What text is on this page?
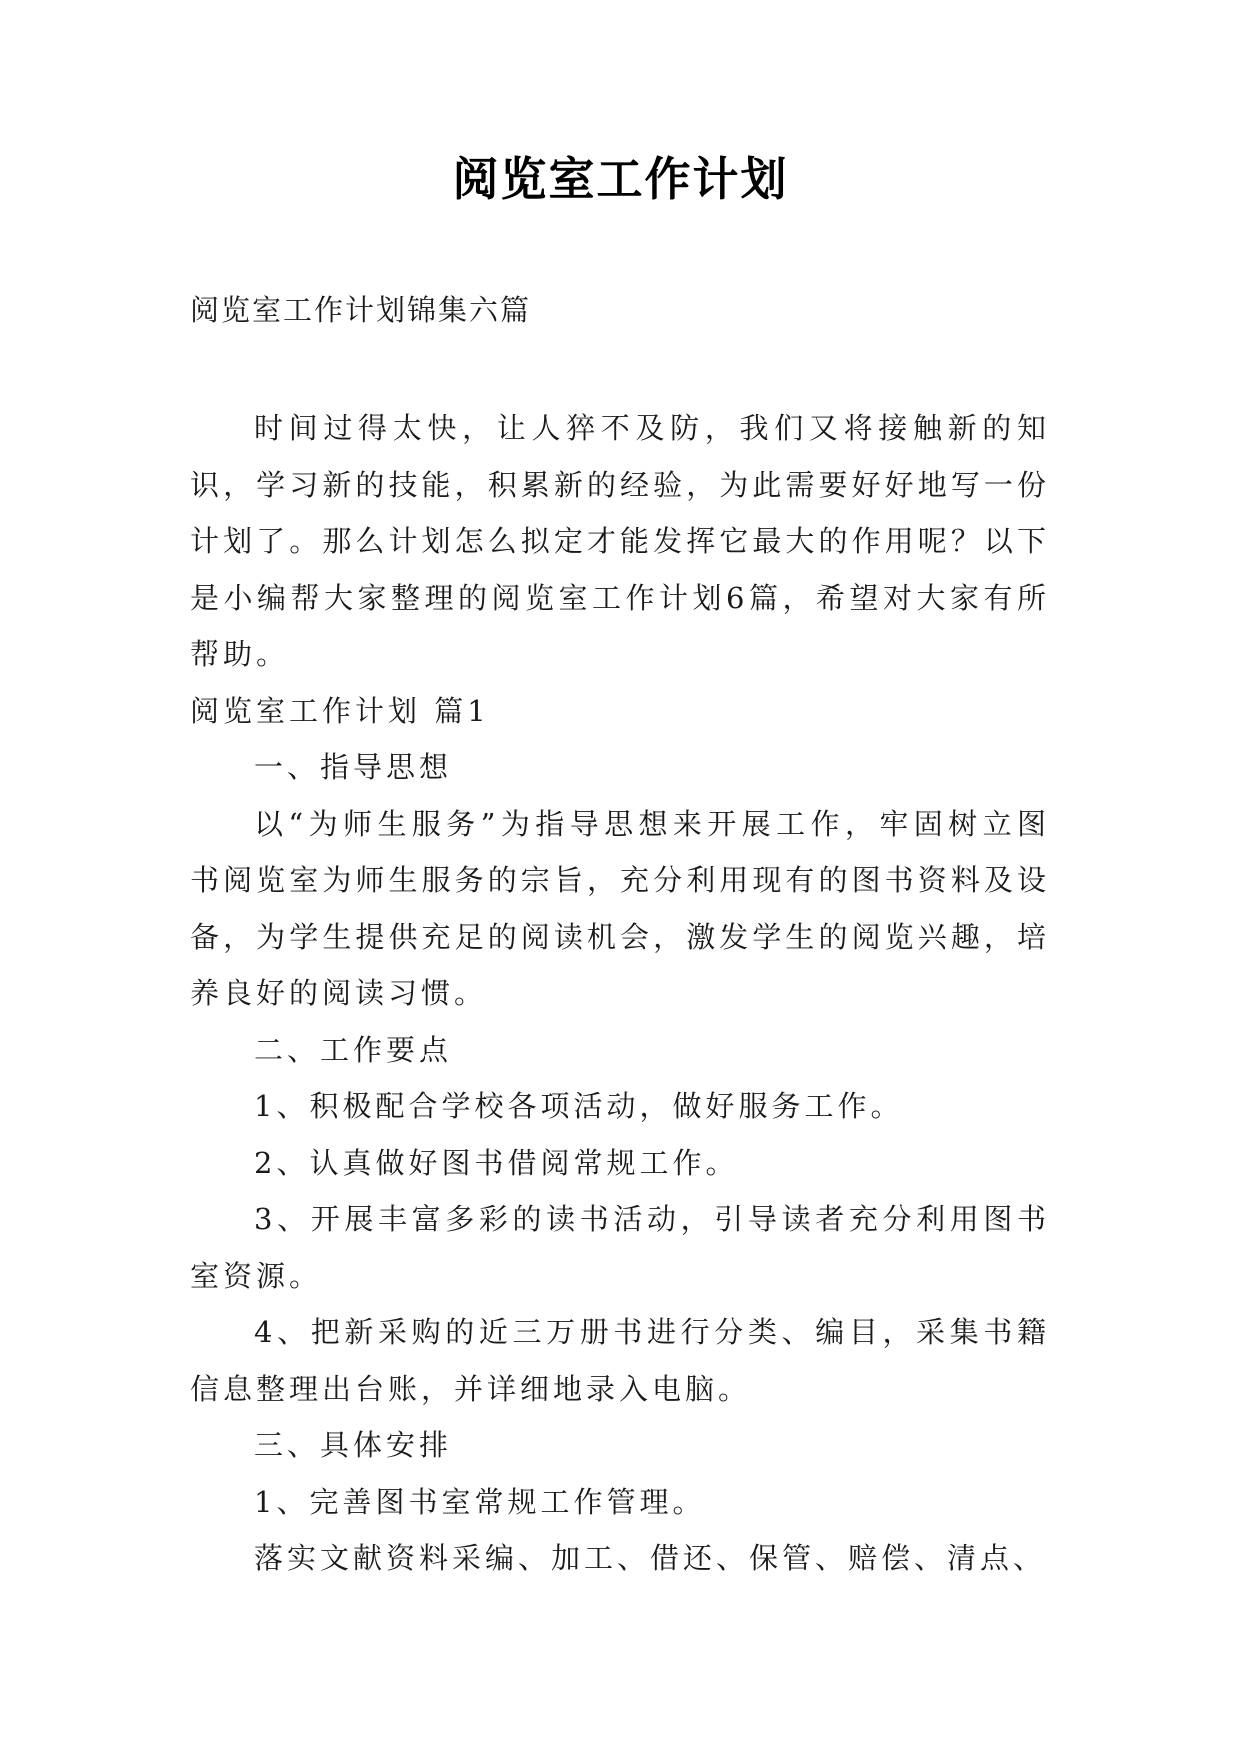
阅览室工作计划
阅览室工作计划锦集六篇

时间过得太快，让人猝不及防，我们又将接触新的知识，学习新的技能，积累新的经验，为此需要好好地写一份计划了。那么计划怎么拟定才能发挥它最大的作用呢？以下是小编帮大家整理的阅览室工作计划6篇，希望对大家有所帮助。

阅览室工作计划 篇1

一、指导思想

以“为师生服务”为指导思想来开展工作，牢固树立图书阅览室为师生服务的宗旨，充分利用现有的图书资料及设备，为学生提供充足的阅读机会，激发学生的阅览兴趣，培养良好的阅读习惯。

二、工作要点

1、积极配合学校各项活动，做好服务工作。

2、认真做好图书借阅常规工作。

3、开展丰富多彩的读书活动，引导读者充分利用图书室资源。

4、把新采购的近三万册书进行分类、编目，采集书籍信息整理出台账，并详细地录入电脑。

三、具体安排

1、完善图书室常规工作管理。

落实文献资料采编、加工、借还、保管、赔偿、清点、
